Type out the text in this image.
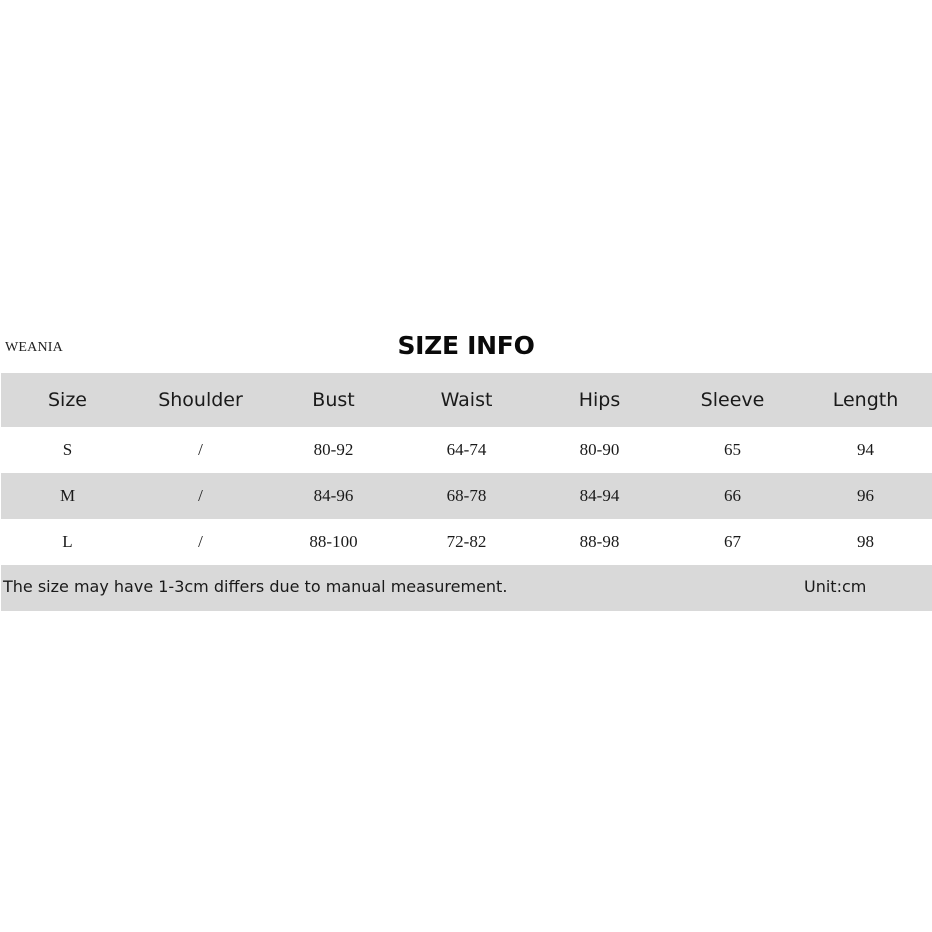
WEANIA	SIZE INFO
Size	Shoulder	Bust	Waist	Hips	Sleeve	Length
S	/	80-92	64-74	80-90	65	94
M	/	84-96	68-78	84-94	66	96
L	/	88-100	72-82	88-98	67	98
The size may have 1-3cm differs due to manual measurement.	Unit:cm
